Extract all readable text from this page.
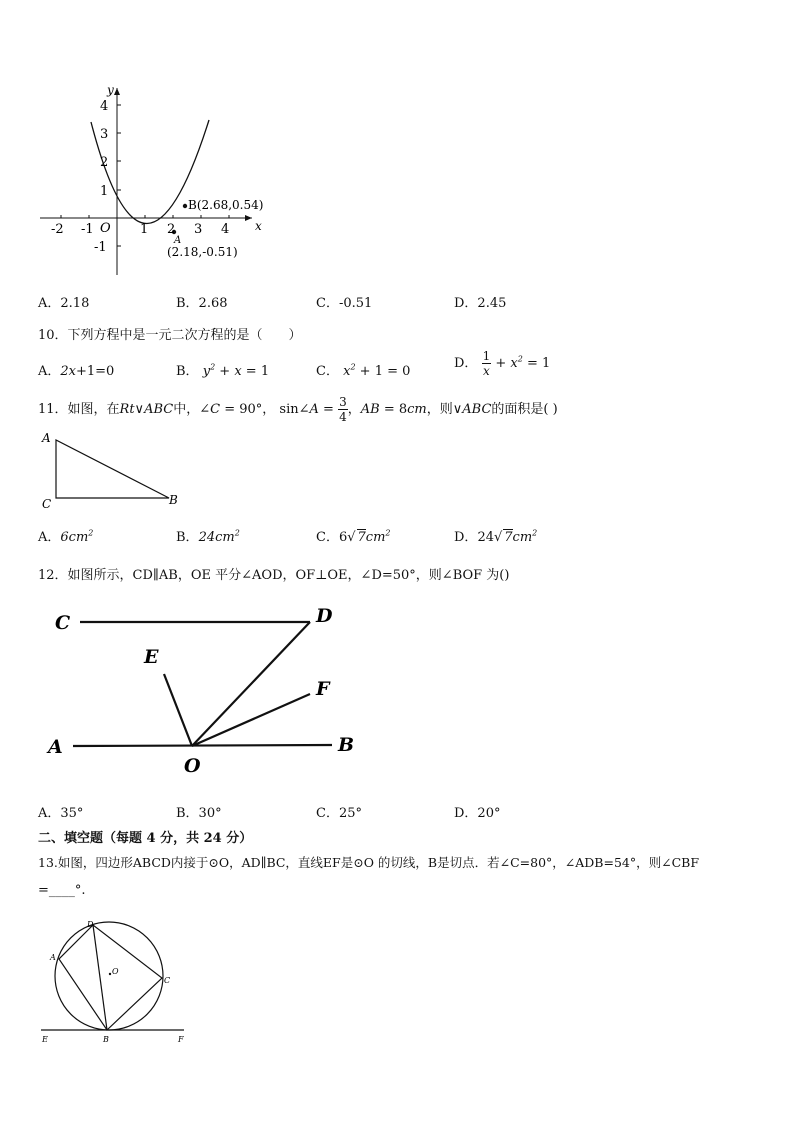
x
y
O
-2 -1	1 2 3 4
4
3
2
1
-1
B(2.68,0.54)
A
(2.18,-0.51)
A．2.18	B．2.68	C．-0.51	D．2.45
10．下列方程中是一元二次方程的是（　　）
A．2x+1=0	B． $y^2 + x = 1$	C． $x^2 + 1 = 0$
D． $\frac{1}{x} + x^2 = 1$
11．如图，在Rt∨ABC中，∠C = 90°， sin∠A = $\frac{3}{4}$ ，AB = 8cm，则∨ABC的面积是( )
A
C	B
A．$6cm^2$	B．$24cm^2$	C．6√ $7cm^2$	D．24√ $7cm^2$
12．如图所示，CD∥AB，OE 平分∠AOD，OF⊥OE，∠D=50°，则∠BOF 为()
C	D
E
F
A	B
O
A．35°	B．30°	C．25°	D．20°
二、填空题（每题 4 分，共 24 分）
13.如图，四边形ABCD内接于⊙O，AD∥BC，直线EF是⊙O 的切线，B是切点．若∠C=80°，∠ADB=54°，则∠CBF
=____°.
D
A
O
C
E	B	F
